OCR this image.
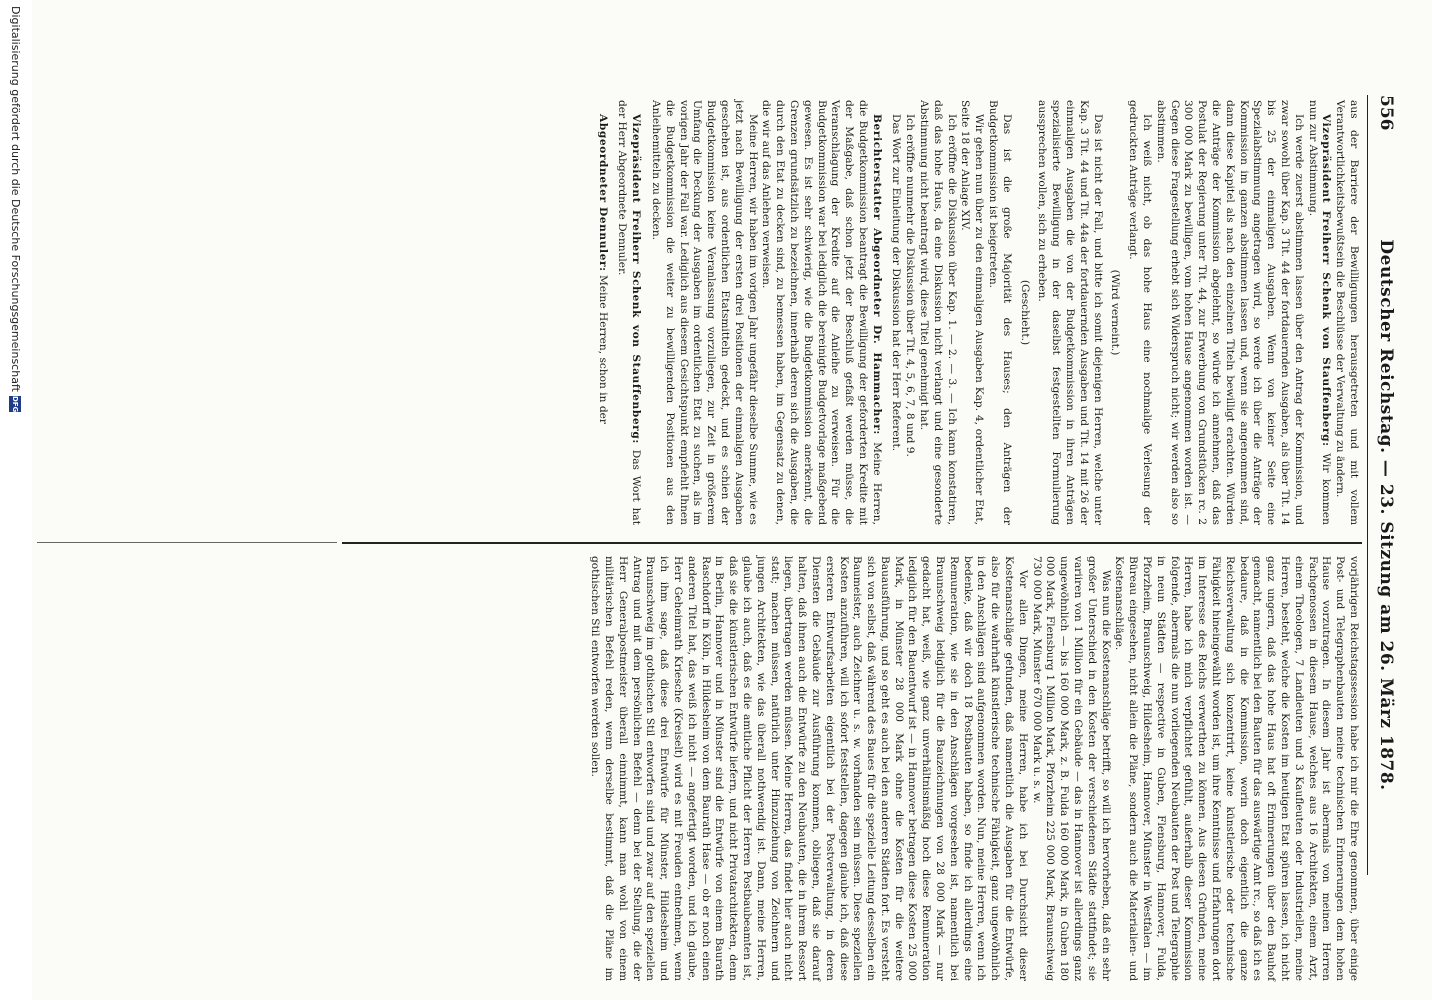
556
Deutscher Reichstag. — 23. Sitzung am 26. März 1878.

aus der Barriere der Bewilligungen herausgetreten und mit vollem Verantwortlichkeitsbewußtsein die Beschlüsse der Verwaltung zu ändern.

Vizepräsident Freiherr Schenk von Stauffenberg: Wir kommen nun zur Abstimmung.

Ich werde zuerst abstimmen lassen über den Antrag der Kommission, und zwar sowohl über Kap. 3 Tit. 44 der fortdauernden Ausgaben, als über Tit. 14 bis 25 der einmaligen Ausgaben. Wenn von keiner Seite eine Spezialabstimmung angetragen wird, so werde ich über die Anträge der Kommission im ganzen abstimmen lassen und, wenn sie angenommen sind, dann diese Kapitel als nach den einzelnen Titeln bewilligt erachten. Würden die Anträge der Kommission abgelehnt, so würde ich annehmen, daß das Postulat der Regierung unter Tit. 44, zur Erwerbung von Grundstücken rc. 2 300 000 Mark zu bewilligen, vom hohen Hause angenommen worden ist. — Gegen diese Fragestellung erhebt sich Widerspruch nicht; wir werden also so abstimmen.

Ich weiß nicht, ob das hohe Haus eine nochmalige Verlesung der gedruckten Anträge verlangt.

(Wird verneint.)

Das ist nicht der Fall, und bitte ich somit diejenigen Herren, welche unter Kap. 3 Tit. 44 und Tit. 44a der fortdauernden Ausgaben und Tit. 14 mit 26 der einmaligen Ausgaben die von der Budgetkommission in ihren Anträgen spezialisierte Bewilligung in der daselbst festgestellten Formulierung aussprechen wollen, sich zu erheben.

(Geschieht.)

Das ist die große Majorität des Hauses; den Anträgen der Budgetkommission ist beigetreten.

Wir gehen nun über zu den einmaligen Ausgaben Kap. 4, ordentlicher Etat, Seite 18 der Anlage XIV.

Ich eröffne die Diskussion über Kap. 1. — 2. — 3. — Ich kann konstatiren, daß das hohe Haus, da eine Diskussion nicht verlangt und eine gesonderte Abstimmung nicht beantragt wird, diese Titel genehmigt hat.

Ich eröffne nunmehr die Diskussion über Tit. 4, 5, 6, 7, 8 und 9.

Das Wort zur Einleitung der Diskussion hat der Herr Referent.

Berichterstatter Abgeordneter Dr. Hammacher: Meine Herren, die Budgetkommission beantragt die Bewilligung der geforderten Kredite mit der Maßgabe, daß schon jetzt der Beschluß gefaßt werden müsse, die Veranschlagung der Kredite auf die Anleihe zu verweisen. Für die Budgetkommission war bei lediglich die bereinigte Budgetvorlage maßgebend gewesen. Es ist sehr schwierig, wie die Budgetkommission anerkennt, die Grenzen grundsätzlich zu bezeichnen, innerhalb deren sich die Ausgaben, die durch den Etat zu decken sind, zu bemessen haben, im Gegensatz zu denen, die wir auf das Anlehen verweisen.

Meine Herren, wir haben im vorigen Jahr ungefähr dieselbe Summe, wie es jetzt nach Bewilligung der ersten drei Positionen der einmaligen Ausgaben geschehen ist, aus ordentlichen Etatsmitteln gedeckt, und es schien der Budgetkommission keine Veranlassung vorzuliegen, zur Zeit in größerem Umfang die Deckung der Ausgaben im ordentlichen Etat zu suchen, als im vorigen Jahr der Fall war. Lediglich aus diesem Gesichtspunkt empfiehlt Ihnen die Budgetkommission die weiter zu bewilligenden Positionen aus den Anleihemitteln zu decken.

Vizepräsident Freiherr Schenk von Stauffenberg: Das Wort hat der Herr Abgeordnete Dennuler.

Abgeordneter Dennuler: Meine Herren, schon in der

vorjährigen Reichstagssession habe ich mir die Ehre genommen, über einige Post- und Telegraphenbauten meine technischen Erinnerungen dem hohen Hause vorzutragen. In diesem Jahr ist abermals von meinen Herren Fachgenossen in diesem Hause, welches aus 16 Architekten, einem Arzt, einem Theologen, 7 Landleuten und 3 Kaufleuten oder Industriellen, meine Herren, besteht, welche die Kosten im heutigen Etat spüren lassen, ich nicht ganz ungern, daß das hohe Haus hat oft Erinnerungen über den Bauhof gemacht, namentlich bei den Bauten für das auswärtige Amt rc., so daß ich es bedaure, daß in die Kommission, worin doch eigentlich die ganze Reichsverwaltung sich konzentrirt, keine künstlerische oder technische Fähigkeit hineingewählt worden ist, um ihre Kenntnisse und Erfahrungen dort im Interesse des Reichs verwerthen zu können. Aus diesen Gründen, meine Herren, habe ich mich verpflichtet gefühlt, außerhalb dieser Kommission folgende, abermals die nun vorliegenden Neubauten der Post und Telegraphie in neun Städten — respective in Guben, Flensburg, Hannover, Fulda, Pforzheim, Braunschweig, Hildesheim, Hannover, Münster in Westfalen — im Büreau eingesehen, nicht allein die Pläne, sondern auch die Materialien- und Kostenanschläge.

Was nun die Kostenanschläge betrifft, so will ich hervorheben, daß ein sehr großer Unterschied in den Kosten der verschiedenen Städte stattfindet; sie variiren von 1 Million für ein Gebäude — das in Hannover ist allerdings ganz ungewöhnlich — bis 160 000 Mark, z. B. Fulda 160 000 Mark, in Guben 180 000 Mark, Flensburg 1 Million Mark, Pforzheim 225 000 Mark, Braunschweig 730 000 Mark, Münster 670 000 Mark u. s. w.

Vor allen Dingen, meine Herren, habe ich bei Durchsicht dieser Kostenanschläge gefunden, daß namentlich die Ausgaben für die Entwürfe, also für die wahrhaft künstlerische technische Fähigkeit, ganz ungewöhnlich in den Anschlägen sind aufgenommen worden. Nun, meine Herren, wenn ich bedenke, daß wir doch 18 Postbauten haben, so finde ich allerdings eine Remuneration, wie sie in den Anschlägen vorgesehen ist, namentlich bei Braunschweig lediglich für die Bauzeichnungen von 28 000 Mark — nur gedacht hat, weiß, wie ganz unverhältnismäßig hoch diese Remuneration lediglich für den Bauentwurf ist — in Hannover betragen diese Kosten 25 000 Mark, in Münster 28 000 Mark ohne die Kosten für die weitere Bauausführung, und so geht es auch bei den anderen Städten fort. Es versteht sich von selbst, daß während des Baues für die spezielle Leitung desselben ein Baumeister, auch Zeichner u. s. w. vorhanden sein müssen. Diese speziellen Kosten anzuführen, will ich sofort feststellen, dagegen glaube ich, daß diese ersteren Entwurfsarbeiten eigentlich bei der Postverwaltung, in deren Diensten die Gebäude zur Ausführung kommen, obliegen, daß sie darauf halten, daß ihnen auch die Entwürfe zu den Neubauten, die in ihrem Ressort liegen, übertragen werden müssen. Meine Herren, das findet hier auch nicht statt; machen müssen, natürlich unter Hinzuziehung von Zeichnern und jungen Architekten, wie das überall nothwendig ist. Dann, meine Herren, glaube ich auch, daß es die amtliche Pflicht der Herren Postbaubeamten ist, daß sie die künstlerischen Entwürfe liefern, und nicht Privatarchitekten, denn in Berlin, Hannover und in Münster sind die Entwürfe von einem Baurath Raschdorff in Köln, in Hildesheim von dem Baurath Hase — ob er noch einen anderen Titel hat, das weiß ich nicht — angefertigt worden, und ich glaube, Herr Geheimrath Kriesche (Kreiselt) wird es mit Freuden entnehmen, wenn ich ihm sage, daß diese drei Entwürfe für Münster, Hildesheim und Braunschweig im gothischen Stil entworfen sind und zwar auf den speziellen Antrag und mit dem persönlichen Befehl — denn bei der Stellung, die der Herr Generalpostmeister überall einnimmt, kann man wohl von einem militärischen Befehl reden, wenn derselbe bestimmt, daß die Pläne im gothischen Stil entworfen werden sollen.

Digitalisierung gefördert durch die Deutsche Forschungsgemeinschaft
DFG
